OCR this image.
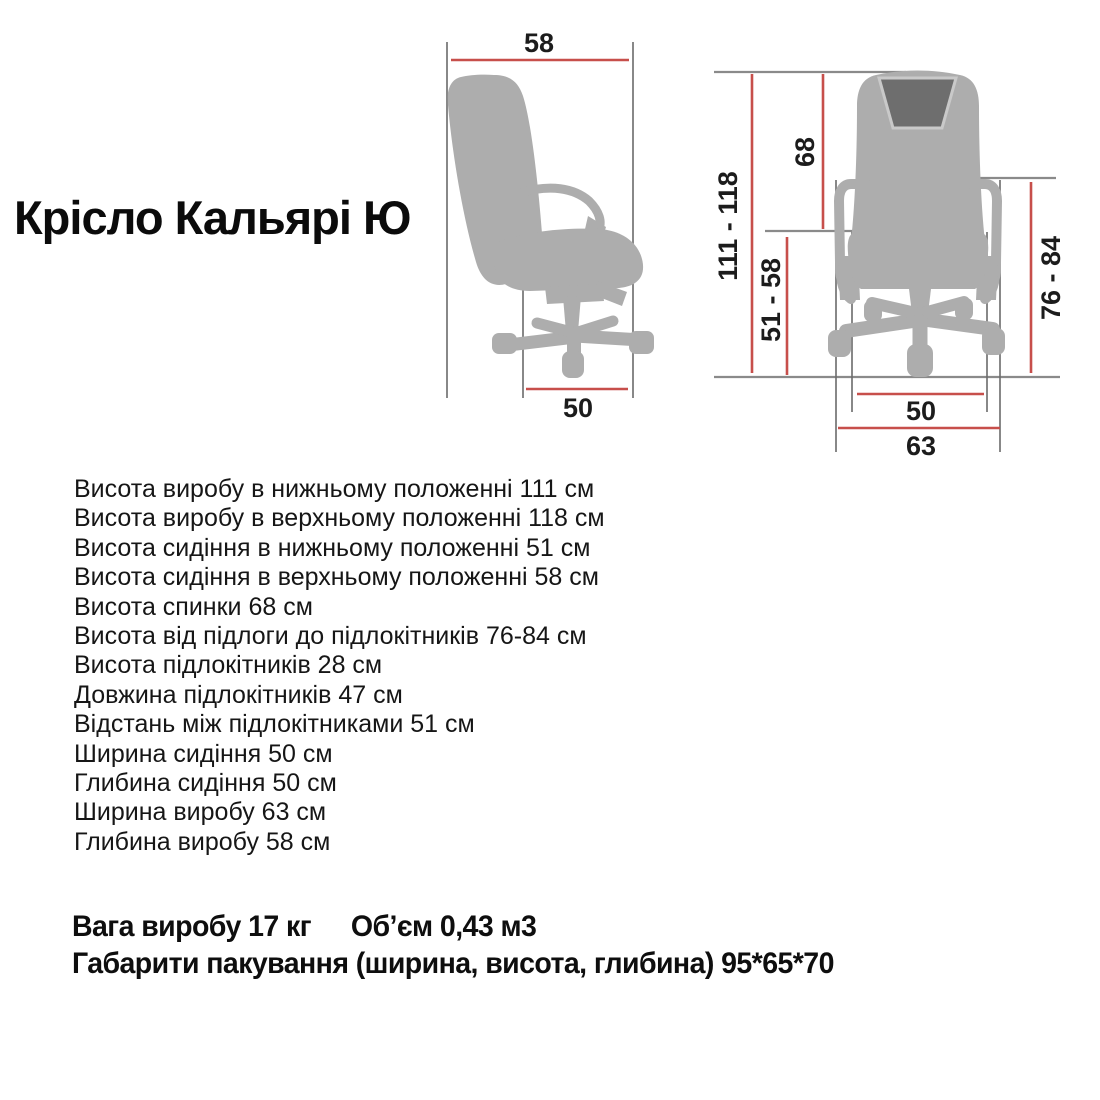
Крісло Кальярі Ю
58
50
111 - 118
68
51 - 58	76 - 84
50
63
Висота виробу в нижньому положенні 111 см
Висота виробу в верхньому положенні 118 см
Висота сидіння в нижньому положенні 51 см
Висота сидіння в верхньому положенні 58 см
Висота спинки 68 см
Висота від підлоги до підлокітників 76-84 см
Висота підлокітників 28 см
Довжина підлокітників 47 см
Відстань між підлокітниками 51 см
Ширина сидіння 50 см
Глибина сидіння 50 см
Ширина виробу 63 см
Глибина виробу 58 см
Вага виробу 17 кг Об’єм 0,43 м3
Габарити пакування (ширина, висота, глибина) 95*65*70
